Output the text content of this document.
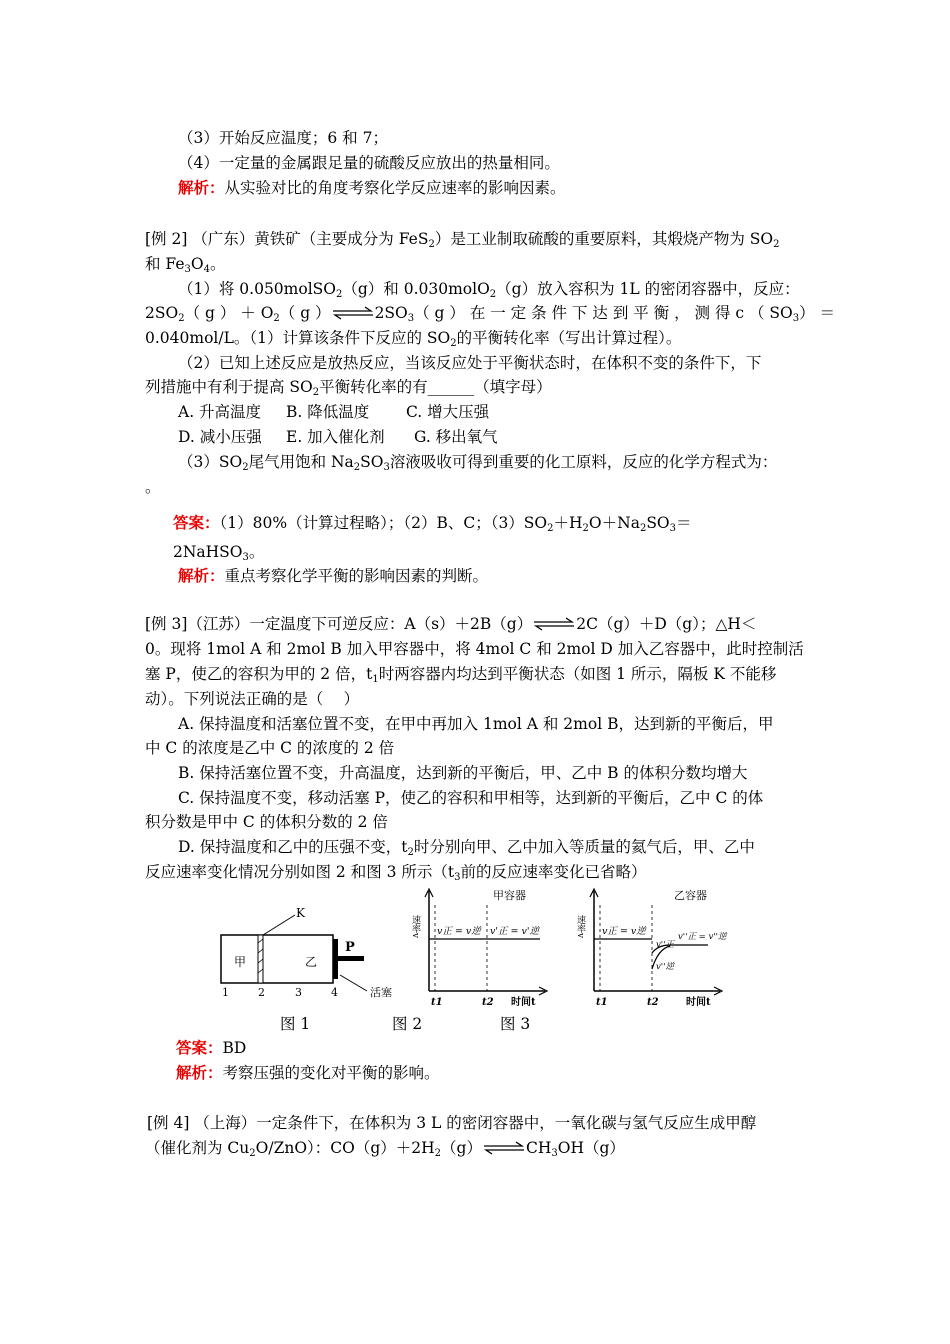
（3）开始反应温度；6 和 7；
（4）一定量的金属跟足量的硫酸反应放出的热量相同。
解析：从实验对比的角度考察化学反应速率的影响因素。
[例 2] （广东）黄铁矿（主要成分为 FeS$_2$）是工业制取硫酸的重要原料，其煅烧产物为 $SO_2$
和 $Fe_3O_4$。
（1）将 0.050molSO$_2$（g）和 0.030molO$_2$（g）放入容积为 1L 的密闭容器中，反应：
$2SO_2$（ g ） ＋ $O_2$（ g ）$\rightleftharpoons 2SO_3$（ g ） 在 一 定 条 件 下 达 到 平 衡 ， 测 得 c （ $SO_3$） ＝
0.040mol/L。（1）计算该条件下反应的 $SO_2$的平衡转化率（写出计算过程）。
（2）已知上述反应是放热反应，当该反应处于平衡状态时，在体积不变的条件下，下
列措施中有利于提高 $SO_2$平衡转化率的有______（填字母）
A. 升高温度 B. 降低温度 C. 增大压强
D. 减小压强 E. 加入催化剂 G. 移出氧气
$(3)SO_2$尾气用饱和 $Na_2SO_3$溶液吸收可得到重要的化工原料，反应的化学方程式为：
。
答案：（1）80%（计算过程略）；（2）B、C；$(3)SO_2+H_2O+Na_2SO_3=$
2NaHSO$_3$。
解析：重点考察化学平衡的影响因素的判断。
[例 3]（江苏）一定温度下可逆反应：A（s）＋2B（g）⇌2C（g）＋D（g）；△H＜
0。现将 1mol A 和 2mol B 加入甲容器中，将 4mol C 和 2mol D 加入乙容器中，此时控制活
塞 P，使乙的容积为甲的 2 倍，$t_1$时两容器内均达到平衡状态（如图 1 所示，隔板 K 不能移
动）。下列说法正确的是（　 ）
A. 保持温度和活塞位置不变，在甲中再加入 1mol A 和 2mol B，达到新的平衡后，甲
中 C 的浓度是乙中 C 的浓度的 2 倍
B. 保持活塞位置不变，升高温度，达到新的平衡后，甲、乙中 B 的体积分数均增大
C. 保持温度不变，移动活塞 P，使乙的容积和甲相等，达到新的平衡后，乙中 C 的体
积分数是甲中 C 的体积分数的 2 倍
D. 保持温度和乙中的压强不变，$t_2$时分别向甲、乙中加入等质量的氦气后，甲、乙中
反应速率变化情况分别如图 2 和图 3 所示（$t_3$前的反应速率变化已省略）
甲	乙
K
P
活塞
1	2	3	4
甲容器
速率v v正 = v逆 v'正 = v'逆
t1	t2 时间t
乙容器
速率v v正 = v逆
v''正
v''正 = v''逆
v''逆
t1	t2	时间t
图 1	图 2	图 3
答案：BD
解析：考察压强的变化对平衡的影响。
[例 4] （上海）一定条件下，在体积为 3 L 的密闭容器中，一氧化碳与氢气反应生成甲醇
（催化剂为 $Cu_2O/ZnO$）：$CO(g)+2H_2(g)\rightleftharpoons CH_3OH(g)$
